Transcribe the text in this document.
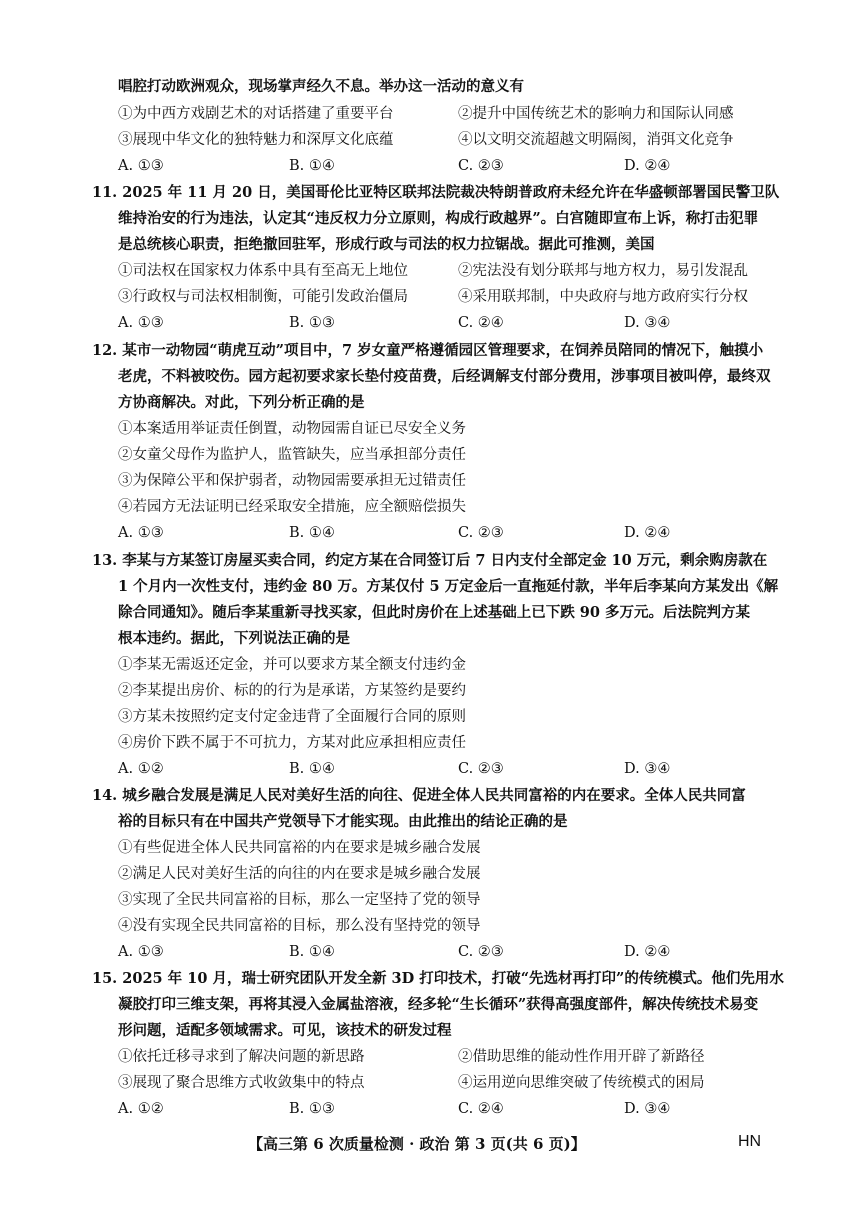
唱腔打动欧洲观众，现场掌声经久不息。举办这一活动的意义有
①为中西方戏剧艺术的对话搭建了重要平台	②提升中国传统艺术的影响力和国际认同感
③展现中华文化的独特魅力和深厚文化底蕴	④以文明交流超越文明隔阂，消弭文化竞争
A. ①③	B. ①④	C. ②③	D. ②④
11. 2025 年 11 月 20 日，美国哥伦比亚特区联邦法院裁决特朗普政府未经允许在华盛顿部署国民警卫队
维持治安的行为违法，认定其“违反权力分立原则，构成行政越界”。白宫随即宣布上诉，称打击犯罪
是总统核心职责，拒绝撤回驻军，形成行政与司法的权力拉锯战。据此可推测，美国
①司法权在国家权力体系中具有至高无上地位	②宪法没有划分联邦与地方权力，易引发混乱
③行政权与司法权相制衡，可能引发政治僵局	④采用联邦制，中央政府与地方政府实行分权
A. ①③	B. ①③	C. ②④	D. ③④
12. 某市一动物园“萌虎互动”项目中，7 岁女童严格遵循园区管理要求，在饲养员陪同的情况下，触摸小
老虎，不料被咬伤。园方起初要求家长垫付疫苗费，后经调解支付部分费用，涉事项目被叫停，最终双
方协商解决。对此，下列分析正确的是
①本案适用举证责任倒置，动物园需自证已尽安全义务
②女童父母作为监护人，监管缺失，应当承担部分责任
③为保障公平和保护弱者，动物园需要承担无过错责任
④若园方无法证明已经采取安全措施，应全额赔偿损失
A. ①③	B. ①④	C. ②③	D. ②④
13. 李某与方某签订房屋买卖合同，约定方某在合同签订后 7 日内支付全部定金 10 万元，剩余购房款在
1 个月内一次性支付，违约金 80 万。方某仅付 5 万定金后一直拖延付款，半年后李某向方某发出《解
除合同通知》。随后李某重新寻找买家，但此时房价在上述基础上已下跌 90 多万元。后法院判方某
根本违约。据此，下列说法正确的是
①李某无需返还定金，并可以要求方某全额支付违约金
②李某提出房价、标的的行为是承诺，方某签约是要约
③方某未按照约定支付定金违背了全面履行合同的原则
④房价下跌不属于不可抗力，方某对此应承担相应责任
A. ①②	B. ①④	C. ②③	D. ③④
14. 城乡融合发展是满足人民对美好生活的向往、促进全体人民共同富裕的内在要求。全体人民共同富
裕的目标只有在中国共产党领导下才能实现。由此推出的结论正确的是
①有些促进全体人民共同富裕的内在要求是城乡融合发展
②满足人民对美好生活的向往的内在要求是城乡融合发展
③实现了全民共同富裕的目标，那么一定坚持了党的领导
④没有实现全民共同富裕的目标，那么没有坚持党的领导
A. ①③	B. ①④	C. ②③	D. ②④
15. 2025 年 10 月，瑞士研究团队开发全新 3D 打印技术，打破“先选材再打印”的传统模式。他们先用水
凝胶打印三维支架，再将其浸入金属盐溶液，经多轮“生长循环”获得高强度部件，解决传统技术易变
形问题，适配多领域需求。可见，该技术的研发过程
①依托迁移寻求到了解决问题的新思路	②借助思维的能动性作用开辟了新路径
③展现了聚合思维方式收敛集中的特点	④运用逆向思维突破了传统模式的困局
A. ①②	B. ①③	C. ②④	D. ③④
【高三第 6 次质量检测 · 政治 第 3 页(共 6 页)】	HN
